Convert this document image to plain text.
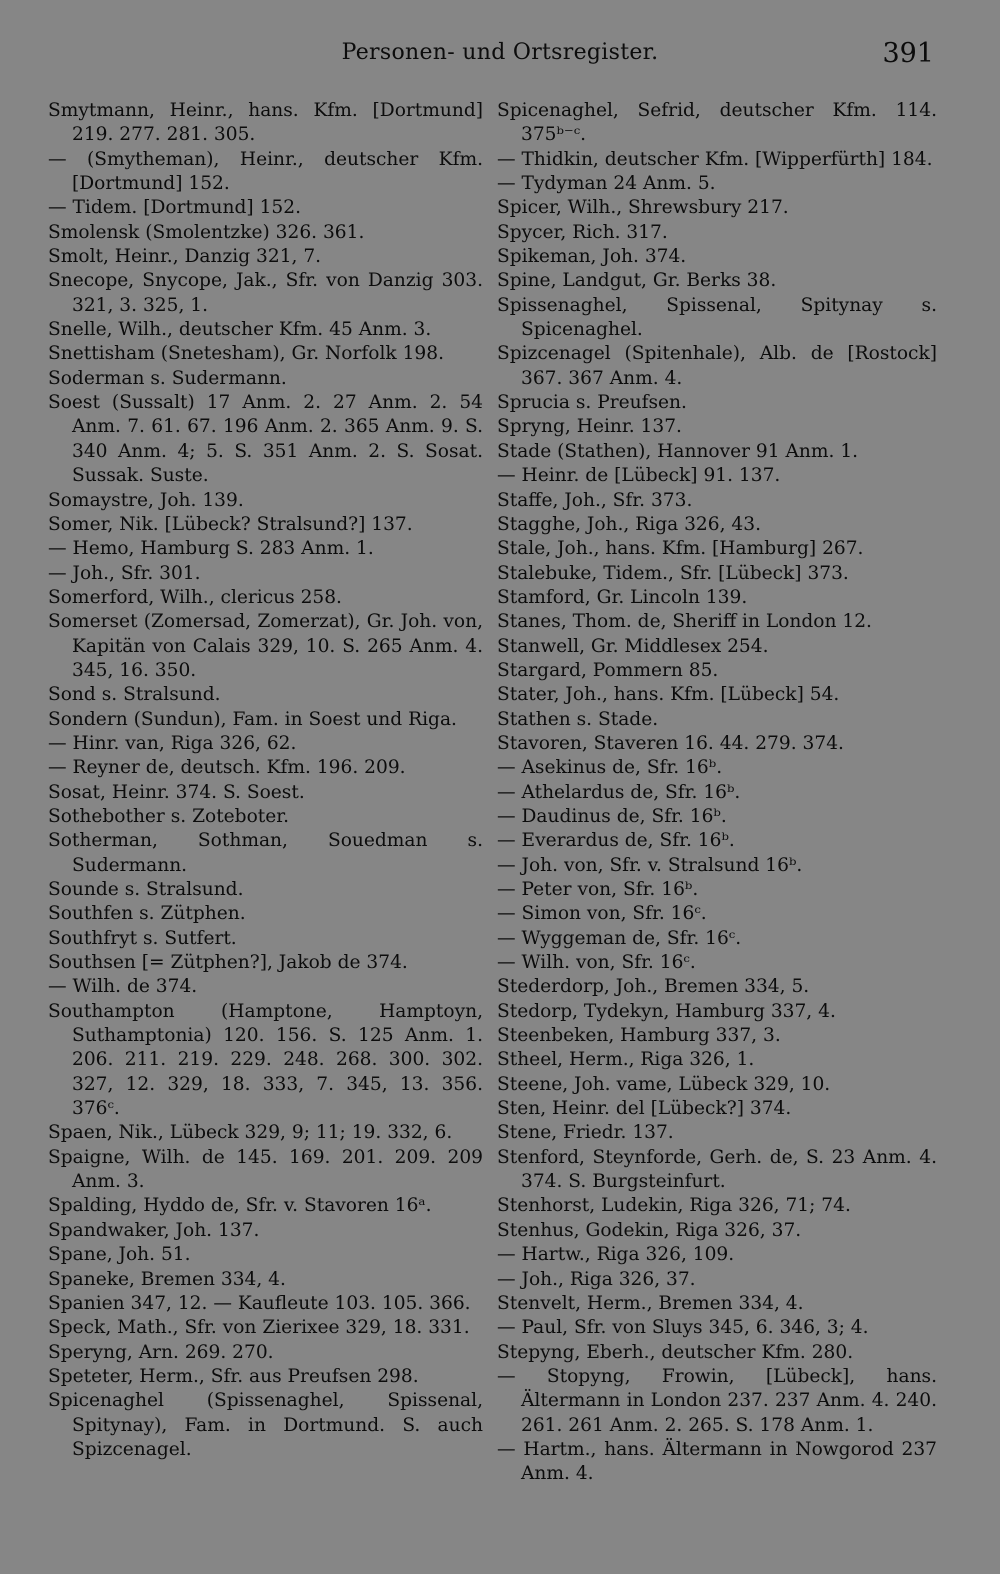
Personen- und Ortsregister.	391
Smytmann, Heinr., hans. Kfm. [Dortmund] 219. 277. 281. 305.
— (Smytheman), Heinr., deutscher Kfm. [Dortmund] 152.
— Tidem. [Dortmund] 152.
Smolensk (Smolentzke) 326. 361.
Smolt, Heinr., Danzig 321, 7.
Snecope, Snycope, Jak., Sfr. von Danzig 303. 321, 3. 325, 1.
Snelle, Wilh., deutscher Kfm. 45 Anm. 3.
Snettisham (Snetesham), Gr. Norfolk 198.
Soderman s. Sudermann.
Soest (Sussalt) 17 Anm. 2. 27 Anm. 2. 54 Anm. 7. 61. 67. 196 Anm. 2. 365 Anm. 9. S. 340 Anm. 4; 5. S. 351 Anm. 2. S. Sosat. Sussak. Suste.
Somaystre, Joh. 139.
Somer, Nik. [Lübeck? Stralsund?] 137.
— Hemo, Hamburg S. 283 Anm. 1.
— Joh., Sfr. 301.
Somerford, Wilh., clericus 258.
Somerset (Zomersad, Zomerzat), Gr. Joh. von, Kapitän von Calais 329, 10. S. 265 Anm. 4. 345, 16. 350.
Sond s. Stralsund.
Sondern (Sundun), Fam. in Soest und Riga.
— Hinr. van, Riga 326, 62.
— Reyner de, deutsch. Kfm. 196. 209.
Sosat, Heinr. 374. S. Soest.
Sothebother s. Zoteboter.
Sotherman, Sothman, Souedman s. Sudermann.
Sounde s. Stralsund.
Southfen s. Zütphen.
Southfryt s. Sutfert.
Southsen [= Zütphen?], Jakob de 374.
— Wilh. de 374.
Southampton (Hamptone, Hamptoyn, Suthamptonia) 120. 156. S. 125 Anm. 1. 206. 211. 219. 229. 248. 268. 300. 302. 327, 12. 329, 18. 333, 7. 345, 13. 356. 376ᶜ.
Spaen, Nik., Lübeck 329, 9; 11; 19. 332, 6.
Spaigne, Wilh. de 145. 169. 201. 209. 209 Anm. 3.
Spalding, Hyddo de, Sfr. v. Stavoren 16ᵃ.
Spandwaker, Joh. 137.
Spane, Joh. 51.
Spaneke, Bremen 334, 4.
Spanien 347, 12. — Kaufleute 103. 105. 366.
Speck, Math., Sfr. von Zierixee 329, 18. 331.
Speryng, Arn. 269. 270.
Speteter, Herm., Sfr. aus Preufsen 298.
Spicenaghel (Spissenaghel, Spissenal, Spitynay), Fam. in Dortmund. S. auch Spizcenagel.
Spicenaghel, Sefrid, deutscher Kfm. 114. 375ᵇ⁻ᶜ.
— Thidkin, deutscher Kfm. [Wipperfürth] 184.
— Tydyman 24 Anm. 5.
Spicer, Wilh., Shrewsbury 217.
Spycer, Rich. 317.
Spikeman, Joh. 374.
Spine, Landgut, Gr. Berks 38.
Spissenaghel, Spissenal, Spitynay s. Spicenaghel.
Spizcenagel (Spitenhale), Alb. de [Rostock] 367. 367 Anm. 4.
Sprucia s. Preufsen.
Spryng, Heinr. 137.
Stade (Stathen), Hannover 91 Anm. 1.
— Heinr. de [Lübeck] 91. 137.
Staffe, Joh., Sfr. 373.
Stagghe, Joh., Riga 326, 43.
Stale, Joh., hans. Kfm. [Hamburg] 267.
Stalebuke, Tidem., Sfr. [Lübeck] 373.
Stamford, Gr. Lincoln 139.
Stanes, Thom. de, Sheriff in London 12.
Stanwell, Gr. Middlesex 254.
Stargard, Pommern 85.
Stater, Joh., hans. Kfm. [Lübeck] 54.
Stathen s. Stade.
Stavoren, Staveren 16. 44. 279. 374.
— Asekinus de, Sfr. 16ᵇ.
— Athelardus de, Sfr. 16ᵇ.
— Daudinus de, Sfr. 16ᵇ.
— Everardus de, Sfr. 16ᵇ.
— Joh. von, Sfr. v. Stralsund 16ᵇ.
— Peter von, Sfr. 16ᵇ.
— Simon von, Sfr. 16ᶜ.
— Wyggeman de, Sfr. 16ᶜ.
— Wilh. von, Sfr. 16ᶜ.
Stederdorp, Joh., Bremen 334, 5.
Stedorp, Tydekyn, Hamburg 337, 4.
Steenbeken, Hamburg 337, 3.
Stheel, Herm., Riga 326, 1.
Steene, Joh. vame, Lübeck 329, 10.
Sten, Heinr. del [Lübeck?] 374.
Stene, Friedr. 137.
Stenford, Steynforde, Gerh. de, S. 23 Anm. 4. 374. S. Burgsteinfurt.
Stenhorst, Ludekin, Riga 326, 71; 74.
Stenhus, Godekin, Riga 326, 37.
— Hartw., Riga 326, 109.
— Joh., Riga 326, 37.
Stenvelt, Herm., Bremen 334, 4.
— Paul, Sfr. von Sluys 345, 6. 346, 3; 4.
Stepyng, Eberh., deutscher Kfm. 280.
— Stopyng, Frowin, [Lübeck], hans. Ältermann in London 237. 237 Anm. 4. 240. 261. 261 Anm. 2. 265. S. 178 Anm. 1.
— Hartm., hans. Ältermann in Nowgorod 237 Anm. 4.
